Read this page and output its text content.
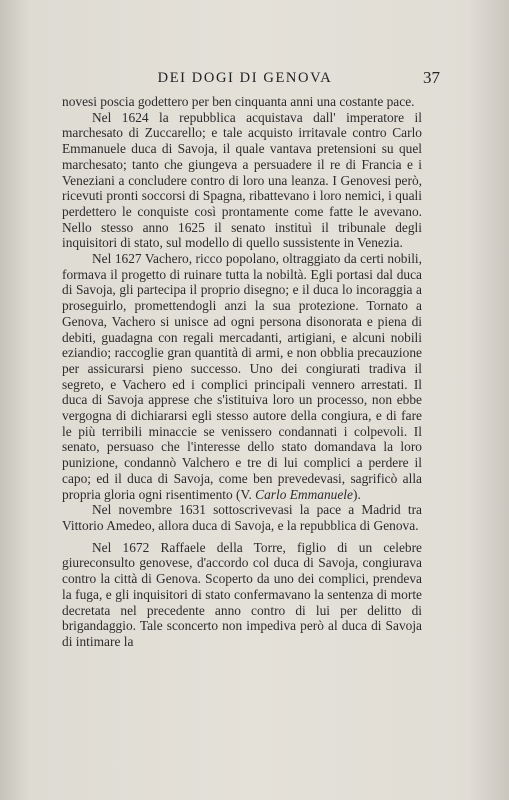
DEI DOGI DI GENOVA	37

novesi poscia godettero per ben cinquanta anni una costante pace.

Nel 1624 la repubblica acquistava dall' imperatore il marchesato di Zuccarello; e tale acquisto irritavale contro Carlo Emmanuele duca di Savoja, il quale vantava pretensioni su quel marchesato; tanto che giungeva a persuadere il re di Francia e i Veneziani a concludere contro di loro una leanza. I Genovesi però, ricevuti pronti soccorsi di Spagna, ribattevano i loro nemici, i quali perdettero le conquiste così prontamente come fatte le avevano. Nello stesso anno 1625 il senato instituì il tribunale degli inquisitori di stato, sul modello di quello sussistente in Venezia.

Nel 1627 Vachero, ricco popolano, oltraggiato da certi nobili, formava il progetto di ruinare tutta la nobiltà. Egli portasi dal duca di Savoja, gli partecipa il proprio disegno; e il duca lo incoraggia a proseguirlo, promettendogli anzi la sua protezione. Tornato a Genova, Vachero si unisce ad ogni persona disonorata e piena di debiti, guadagna con regali mercadanti, artigiani, e alcuni nobili eziandio; raccoglie gran quantità di armi, e non obblia precauzione per assicurarsi pieno successo. Uno dei congiurati tradiva il segreto, e Vachero ed i complici principali vennero arrestati. Il duca di Savoja apprese che s'istituiva loro un processo, non ebbe vergogna di dichiararsi egli stesso autore della congiura, e di fare le più terribili minaccie se venissero condannati i colpevoli. Il senato, persuaso che l'interesse dello stato domandava la loro punizione, condannò Valchero e tre di lui complici a perdere il capo; ed il duca di Savoja, come ben prevedevasi, sagrificò alla propria gloria ogni risentimento (V. Carlo Emmanuele).

Nel novembre 1631 sottoscrivevasi la pace a Madrid tra Vittorio Amedeo, allora duca di Savoja, e la repubblica di Genova.

Nel 1672 Raffaele della Torre, figlio di un celebre giureconsulto genovese, d'accordo col duca di Savoja, congiurava contro la città di Genova. Scoperto da uno dei complici, prendeva la fuga, e gli inquisitori di stato confermavano la sentenza di morte decretata nel precedente anno contro di lui per delitto di brigandaggio. Tale sconcerto non impediva però al duca di Savoja di intimare la
